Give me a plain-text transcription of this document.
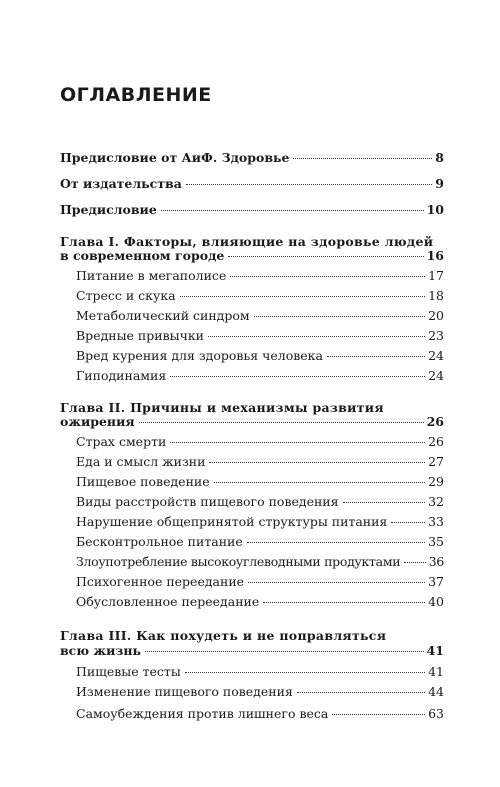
ОГЛАВЛЕНИЕ
Предисловие от АиФ. Здоровье	8
От издательства	9
Предисловие	10
Глава I. Факторы, влияющие на здоровье людей
в современном городе	16
Питание в мегаполисе	17
Стресс и скука	18
Метаболический синдром	20
Вредные привычки	23
Вред курения для здоровья человека	24
Гиподинамия	24
Глава II. Причины и механизмы развития
ожирения	26
Страх смерти	26
Еда и смысл жизни	27
Пищевое поведение	29
Виды расстройств пищевого поведения	32
Нарушение общепринятой структуры питания	33
Бесконтрольное питание	35
Злоупотребление высокоуглеводными продуктами 36
Психогенное переедание	37
Обусловленное переедание	40
Глава III. Как похудеть и не поправляться
всю жизнь	41
Пищевые тесты	41
Изменение пищевого поведения	44
Самоубеждения против лишнего веса	63
